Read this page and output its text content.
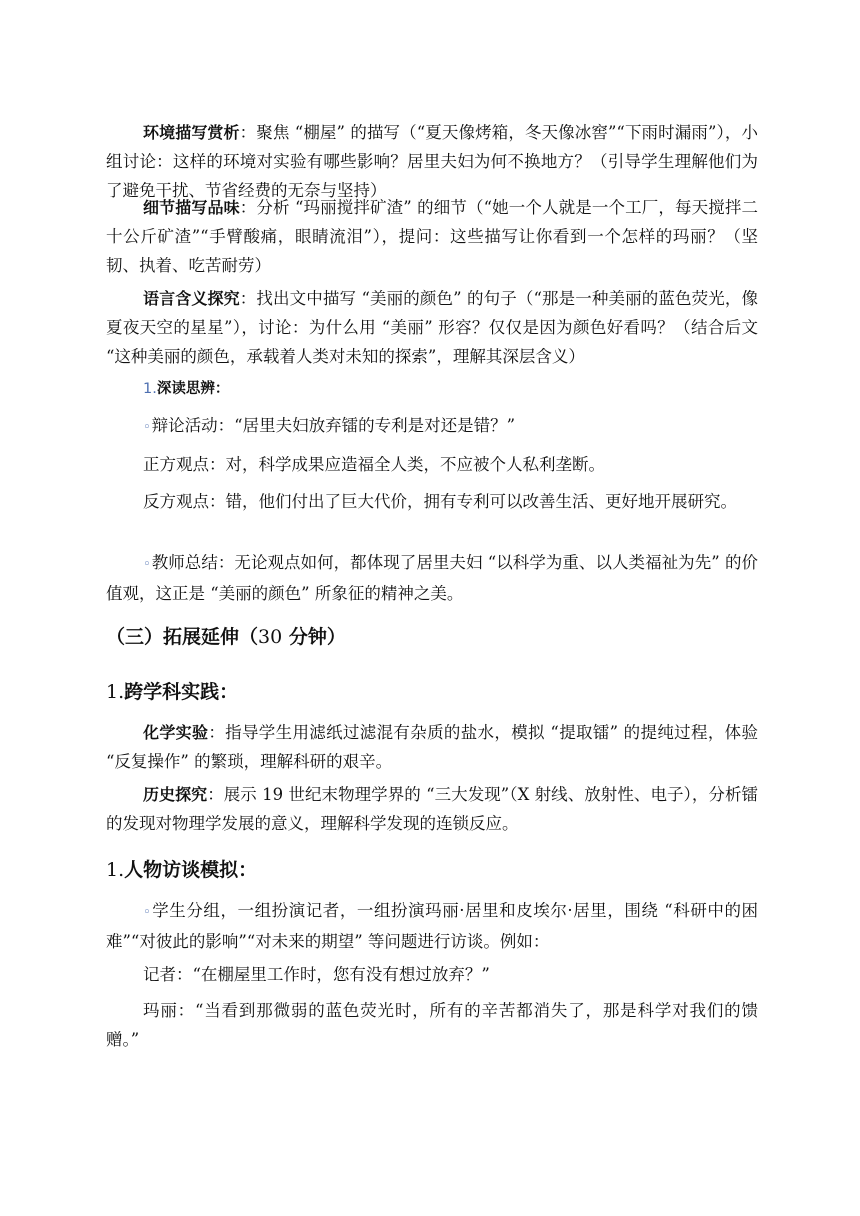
环境描写赏析：聚焦 “棚屋” 的描写（“夏天像烤箱，冬天像冰窖”“下雨时漏雨”），小组讨论：这样的环境对实验有哪些影响？居里夫妇为何不换地方？（引导学生理解他们为了避免干扰、节省经费的无奈与坚持）

细节描写品味：分析 “玛丽搅拌矿渣” 的细节（“她一个人就是一个工厂，每天搅拌二十公斤矿渣”“手臂酸痛，眼睛流泪”），提问：这些描写让你看到一个怎样的玛丽？（坚韧、执着、吃苦耐劳）

语言含义探究：找出文中描写 “美丽的颜色” 的句子（“那是一种美丽的蓝色荧光，像夏夜天空的星星”），讨论：为什么用 “美丽” 形容？仅仅是因为颜色好看吗？（结合后文 “这种美丽的颜色，承载着人类对未知的探索”，理解其深层含义）

1.深读思辨：

◦辩论活动：“居里夫妇放弃镭的专利是对还是错？”

正方观点：对，科学成果应造福全人类，不应被个人私利垄断。

反方观点：错，他们付出了巨大代价，拥有专利可以改善生活、更好地开展研究。

◦教师总结：无论观点如何，都体现了居里夫妇 “以科学为重、以人类福祉为先” 的价值观，这正是 “美丽的颜色” 所象征的精神之美。

（三）拓展延伸（30 分钟）

1.跨学科实践：

化学实验：指导学生用滤纸过滤混有杂质的盐水，模拟 “提取镭” 的提纯过程，体验 “反复操作” 的繁琐，理解科研的艰辛。

历史探究：展示 19 世纪末物理学界的 “三大发现”（X 射线、放射性、电子），分析镭的发现对物理学发展的意义，理解科学发现的连锁反应。

1.人物访谈模拟：

◦学生分组，一组扮演记者，一组扮演玛丽·居里和皮埃尔·居里，围绕 “科研中的困难”“对彼此的影响”“对未来的期望” 等问题进行访谈。例如：

记者：“在棚屋里工作时，您有没有想过放弃？”

玛丽：“当看到那微弱的蓝色荧光时，所有的辛苦都消失了，那是科学对我们的馈赠。”
